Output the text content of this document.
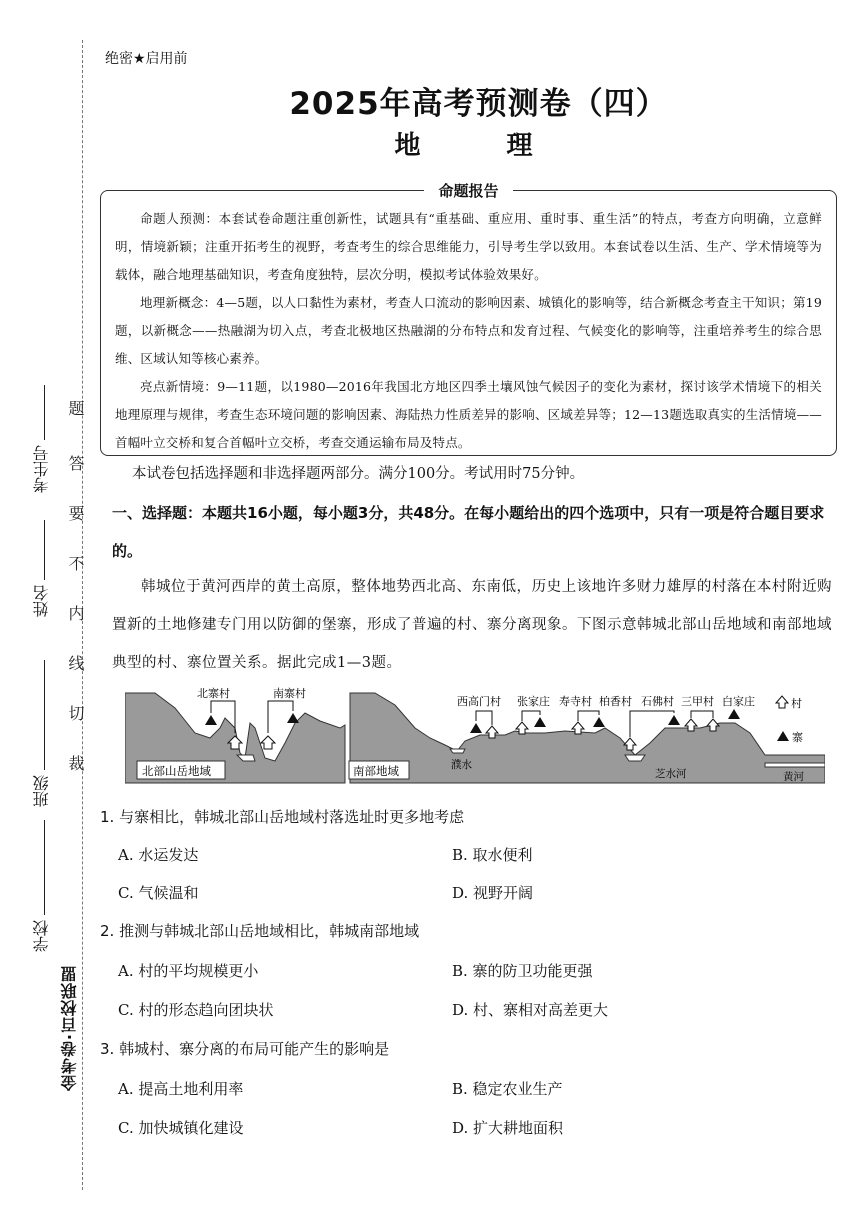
题
答
要
不
内
线
切
裁
考生号
姓名
班级
学校
金考卷·百校联盟
绝密★启用前
2025年高考预测卷（四）
地　理
命题报告

命题人预测：本套试卷命题注重创新性，试题具有“重基础、重应用、重时事、重生活”的特点，考查方向明确，立意鲜明，情境新颖；注重开拓考生的视野，考查考生的综合思维能力，引导考生学以致用。本套试卷以生活、生产、学术情境等为载体，融合地理基础知识，考查角度独特，层次分明，模拟考试体验效果好。

地理新概念：4—5题，以人口黏性为素材，考查人口流动的影响因素、城镇化的影响等，结合新概念考查主干知识；第19题，以新概念——热融湖为切入点，考查北极地区热融湖的分布特点和发育过程、气候变化的影响等，注重培养考生的综合思维、区域认知等核心素养。

亮点新情境：9—11题，以1980—2016年我国北方地区四季土壤风蚀气候因子的变化为素材，探讨该学术情境下的相关地理原理与规律，考查生态环境问题的影响因素、海陆热力性质差异的影响、区域差异等；12—13题选取真实的生活情境——首幅叶立交桥和复合首幅叶立交桥，考查交通运输布局及特点。

本试卷包括选择题和非选择题两部分。满分100分。考试用时75分钟。
一、选择题：本题共16小题，每小题3分，共48分。在每小题给出的四个选项中，只有一项是符合题目要求的。
韩城位于黄河西岸的黄土高原，整体地势西北高、东南低，历史上该地许多财力雄厚的村落在本村附近购置新的土地修建专门用以防御的堡寨，形成了普遍的村、寨分离现象。下图示意韩城北部山岳地域和南部地域典型的村、寨位置关系。据此完成1—3题。
北寨村	南寨村
北部山岳地域
西高门村 张家庄 寿寺村 柏香村 石佛村 三甲村 白家庄
濮水
芝水河	黄河
南部地域
村
寨
1. 与寨相比，韩城北部山岳地域村落选址时更多地考虑
A. 水运发达	B. 取水便利
C. 气候温和	D. 视野开阔
2. 推测与韩城北部山岳地域相比，韩城南部地域
A. 村的平均规模更小	B. 寨的防卫功能更强
C. 村的形态趋向团块状	D. 村、寨相对高差更大
3. 韩城村、寨分离的布局可能产生的影响是
A. 提高土地利用率	B. 稳定农业生产
C. 加快城镇化建设	D. 扩大耕地面积
